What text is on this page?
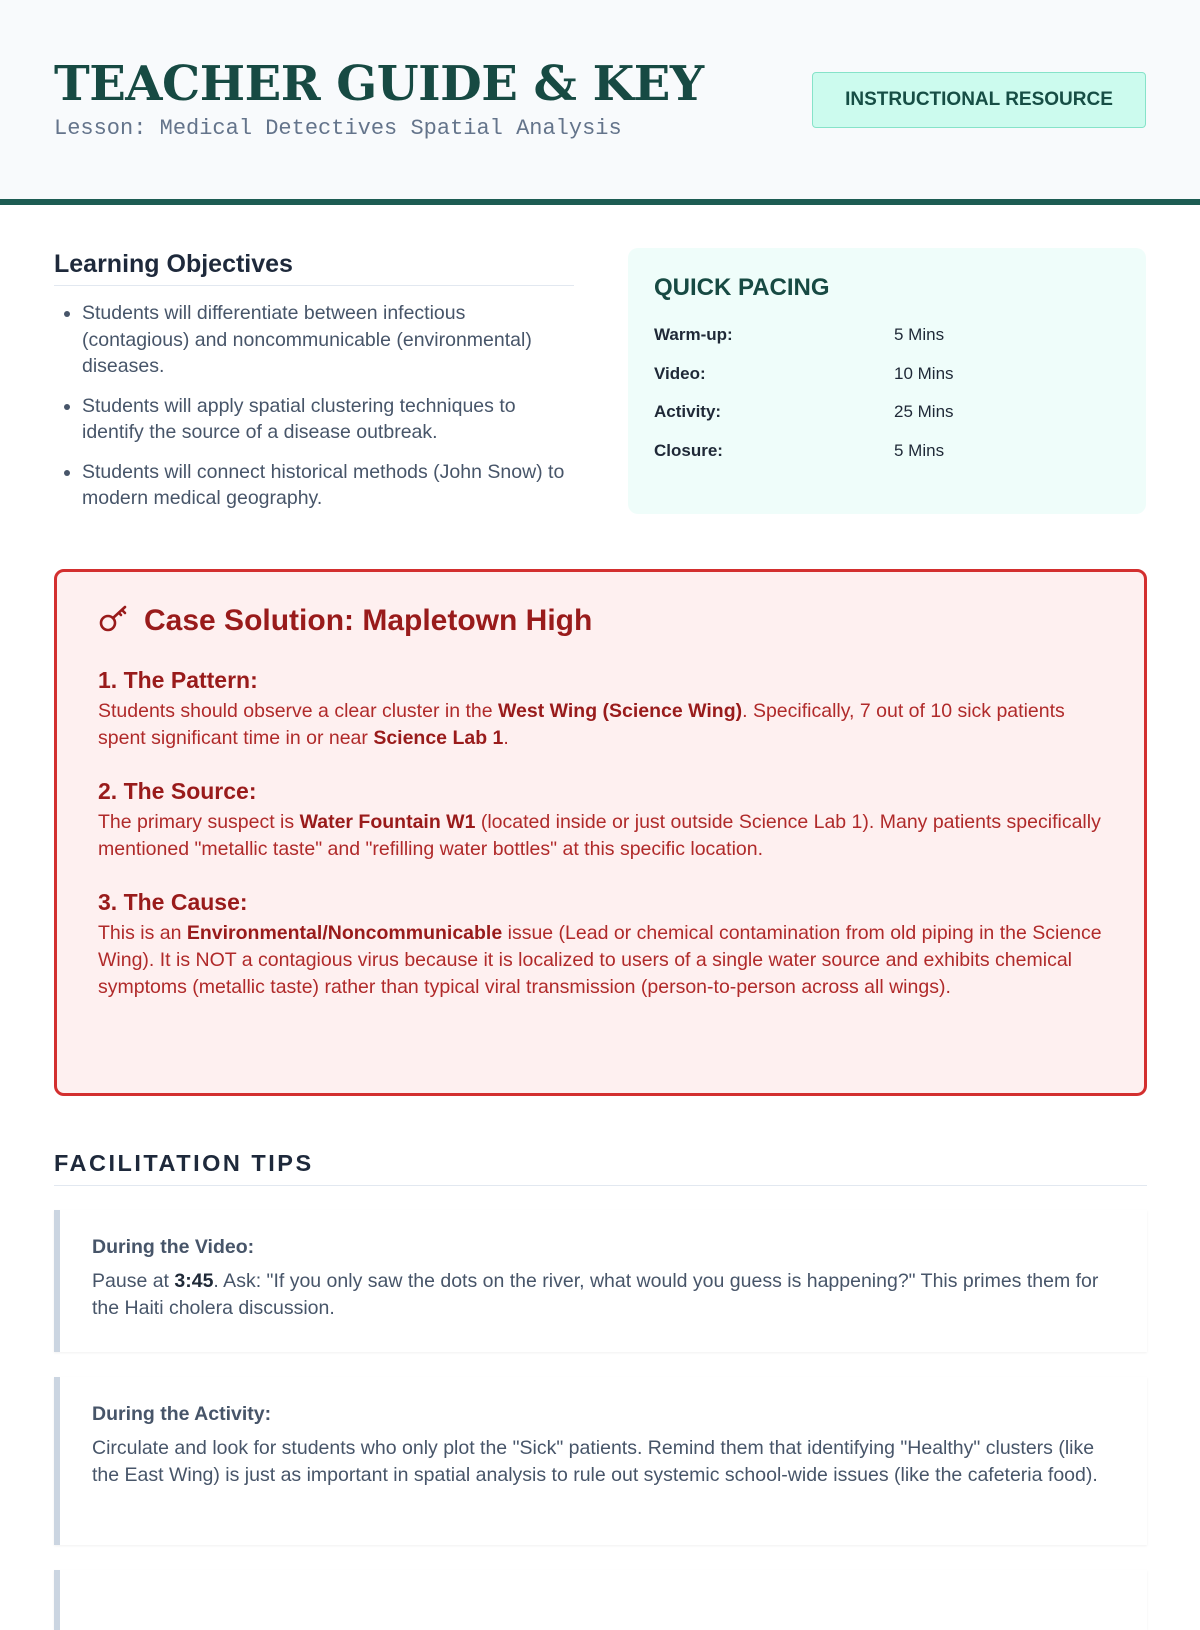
TEACHER GUIDE & KEY
Lesson: Medical Detectives Spatial Analysis
INSTRUCTIONAL RESOURCE
Learning Objectives
• Students will differentiate between infectious (contagious) and noncommunicable (environmental) diseases.
• Students will apply spatial clustering techniques to identify the source of a disease outbreak.
• Students will connect historical methods (John Snow) to modern medical geography.
QUICK PACING
Warm-up:	5 Mins
Video:	10 Mins
Activity:	25 Mins
Closure:	5 Mins
Case Solution: Mapletown High
1. The Pattern:

Students should observe a clear cluster in the West Wing (Science Wing). Specifically, 7 out of 10 sick patients spent significant time in or near Science Lab 1.

2. The Source:

The primary suspect is Water Fountain W1 (located inside or just outside Science Lab 1). Many patients specifically mentioned "metallic taste" and "refilling water bottles" at this specific location.

3. The Cause:

This is an Environmental/Noncommunicable issue (Lead or chemical contamination from old piping in the Science Wing). It is NOT a contagious virus because it is localized to users of a single water source and exhibits chemical symptoms (metallic taste) rather than typical viral transmission (person-to-person across all wings).

FACILITATION TIPS
During the Video:
Pause at 3:45. Ask: "If you only saw the dots on the river, what would you guess is happening?" This primes them for the Haiti cholera discussion.
During the Activity:
Circulate and look for students who only plot the "Sick" patients. Remind them that identifying "Healthy" clusters (like the East Wing) is just as important in spatial analysis to rule out systemic school-wide issues (like the cafeteria food).
